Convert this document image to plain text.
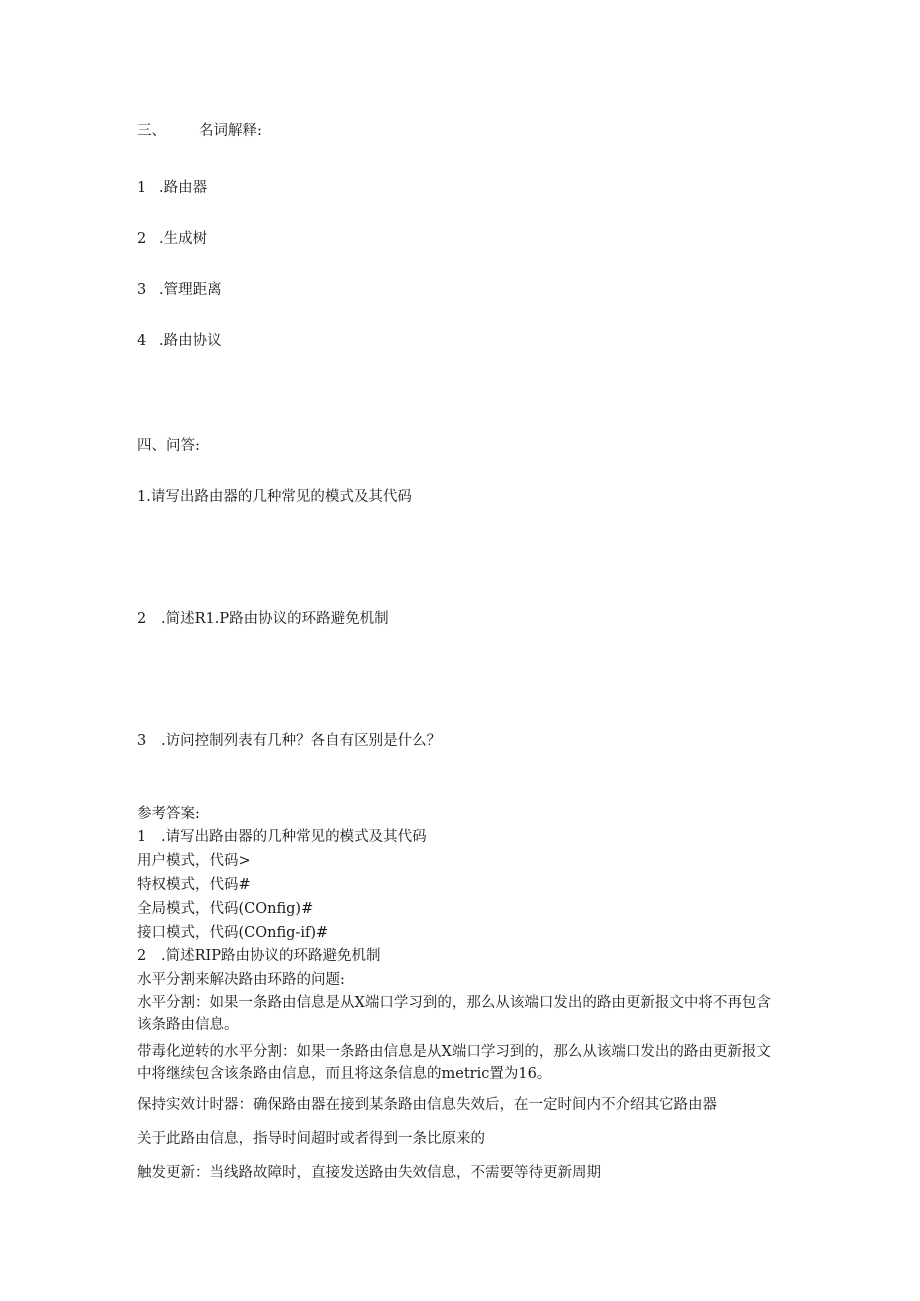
三、 名词解释:

1 .路由器

2 .生成树

3 .管理距离

4 .路由协议

四、问答:

1.请写出路由器的几种常见的模式及其代码

2 .简述R1.P路由协议的环路避免机制

3 .访问控制列表有几种？各自有区别是什么？

参考答案:

1 .请写出路由器的几种常见的模式及其代码

用户模式，代码>

特权模式，代码#

全局模式，代码(COnfig)#

接口模式，代码(COnfig-if)#

2 .简述RIP路由协议的环路避免机制

水平分割来解决路由环路的问题:

水平分割：如果一条路由信息是从X端口学习到的，那么从该端口发出的路由更新报文中将不再包含该条路由信息。

带毒化逆转的水平分割：如果一条路由信息是从X端口学习到的，那么从该端口发出的路由更新报文中将继续包含该条路由信息，而且将这条信息的metric置为16。

保持实效计时器：确保路由器在接到某条路由信息失效后，在一定时间内不介绍其它路由器

关于此路由信息，指导时间超时或者得到一条比原来的

触发更新：当线路故障时，直接发送路由失效信息，不需要等待更新周期
